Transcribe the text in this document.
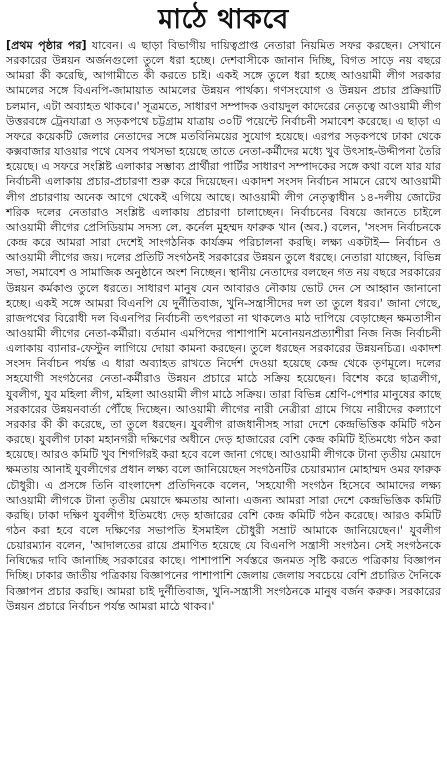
মাঠে থাকবে

[প্রথম পৃষ্ঠার পর] যাবেন। এ ছাড়া বিভাগীয় দায়িত্বপ্রাপ্ত নেতারা নিয়মিত সফর করছেন। সেখানে সরকারের উন্নয়ন অর্জনগুলো তুলে ধরা হচ্ছে। দেশবাসীকে জানান দিচ্ছি, বিগত সাড়ে নয় বছরে আমরা কী করেছি, আগামীতে কী করতে চাই। একই সঙ্গে তুলে ধরা হচ্ছে আওয়ামী লীগ সরকার আমলের সঙ্গে বিএনপি-জামায়াত আমলের উন্নয়ন পার্থক্য। গণসংযোগ ও উন্নয়ন প্রচার প্রক্রিয়াটি চলমান, এটা অব্যাহত থাকবে।' সূত্রমতে, সাধারণ সম্পাদক ওবায়দুল কাদেরের নেতৃত্বে আওয়ামী লীগ উত্তরবঙ্গে ট্রেনযাত্রা ও সড়কপথে চট্টগ্রাম যাত্রায় ৩০টি পয়েন্টে নির্বাচনী সমাবেশ করেছে। এ ছাড়া এ সফরে কয়েকটি জেলার নেতাদের সঙ্গে মতবিনিময়ের সুযোগ হয়েছে। এরপর সড়কপথে ঢাকা থেকে কক্সবাজার যাওয়ার পথে যেসব পথসভা হয়েছে তাতে নেতা-কর্মীদের মধ্যে খুব উৎসাহ-উদ্দীপনা তৈরি হয়েছে। এ সফরে সংশ্লিষ্ট এলাকার সম্ভাব্য প্রার্থীরা পার্টির সাধারণ সম্পাদকের সঙ্গে কথা বলে যার যার নির্বাচনী এলাকায় প্রচার-প্রচারণা শুরু করে দিয়েছেন। একাদশ সংসদ নির্বাচন সামনে রেখে আওয়ামী লীগ প্রচারণায় অনেক আগে থেকেই এগিয়ে আছে। আওয়ামী লীগ নেতৃত্বাধীন ১৪-দলীয় জোটের শরিক দলের নেতারাও সংশ্লিষ্ট এলাকায় প্রচারণা চালাচ্ছেন। নির্বাচনের বিষয়ে জানতে চাইলে আওয়ামী লীগের প্রেসিডিয়াম সদস্য লে. কর্নেল মুহম্মদ ফারুক খান (অব.) বলেন, 'সংসদ নির্বাচনকে কেন্দ্র করে আমরা সারা দেশেই সাংগঠনিক কার্যক্রম পরিচালনা করছি। লক্ষ্য একটাই— নির্বাচন ও আওয়ামী লীগের জয়। দলের প্রতিটি সংগঠনই সরকারের উন্নয়ন তুলে ধরছে। নেতারা যাচ্ছেন, বিভিন্ন সভা, সমাবেশ ও সামাজিক অনুষ্ঠানে অংশ নিচ্ছেন। স্থানীয় নেতাদের বলছেন গত নয় বছরে সরকারের উন্নয়ন কর্মকাণ্ড তুলে ধরতে। সাধারণ মানুষ যেন আবারও নৌকায় ভোট দেন সে আহ্বান জানানো হচ্ছে। একই সঙ্গে আমরা বিএনপি যে দুর্নীতিবাজ, খুনি-সন্ত্রাসীদের দল তা তুলে ধরব।' জানা গেছে, রাজপথের বিরোধী দল বিএনপির নির্বাচনী তৎপরতা না থাকলেও মাঠ দাপিয়ে বেড়াচ্ছেন ক্ষমতাসীন আওয়ামী লীগের নেতা-কর্মীরা। বর্তমান এমপিদের পাশাপাশি মনোনয়নপ্রত্যাশীরা নিজ নিজ নির্বাচনী এলাকায় ব্যানার-ফেস্টুন লাগিয়ে দোয়া কামনা করছেন। তুলে ধরছেন সরকারের উন্নয়নচিত্র। একাদশ সংসদ নির্বাচন পর্যন্ত এ ধারা অব্যাহত রাখতে নির্দেশ দেওয়া হয়েছে কেন্দ্র থেকে তৃণমূলে। দলের সহযোগী সংগঠনের নেতা-কর্মীরাও উন্নয়ন প্রচারে মাঠে সক্রিয় হয়েছেন। বিশেষ করে ছাত্রলীগ, যুবলীগ, যুব মহিলা লীগ, মহিলা আওয়ামী লীগ মাঠে সক্রিয়। তারা বিভিন্ন শ্রেণি-পেশার মানুষের কাছে সরকারের উন্নয়নবার্তা পৌঁছে দিচ্ছেন। আওয়ামী লীগের নারী নেত্রীরা গ্রামে গিয়ে নারীদের কল্যাণে সরকার কী কী করেছে, তা তুলে ধরছেন। যুবলীগ রাজধানীসহ সারা দেশে কেন্দ্রভিত্তিক কমিটি গঠন করছে। যুবলীগ ঢাকা মহানগরী দক্ষিণের অধীনে দেড় হাজারের বেশি কেন্দ্র কমিটি ইতিমধ্যে গঠন করা হয়েছে। আরও কমিটি খুব শিগগিরই করা হবে বলে জানা গেছে। আওয়ামী লীগকে টানা তৃতীয় মেয়াদে ক্ষমতায় আনাই যুবলীগের প্রধান লক্ষ্য বলে জানিয়েছেন সংগঠনটির চেয়ারম্যান মোহাম্মদ ওমর ফারুক চৌধুরী। এ প্রসঙ্গে তিনি বাংলাদেশ প্রতিদিনকে বলেন, 'সহযোগী সংগঠন হিসেবে আমাদের লক্ষ্য আওয়ামী লীগকে টানা তৃতীয় মেয়াদে ক্ষমতায় আনা। এজন্য আমরা সারা দেশে কেন্দ্রভিত্তিক কমিটি করছি। ঢাকা দক্ষিণ যুবলীগ ইতিমধ্যে দেড় হাজারের বেশি কেন্দ্র কমিটি গঠন করেছে। আরও কমিটি গঠন করা হবে বলে দক্ষিণের সভাপতি ইসমাইল চৌধুরী সম্রাট আমাকে জানিয়েছেন।' যুবলীগ চেয়ারম্যান বলেন, 'আদালতের রায়ে প্রমাণিত হয়েছে যে বিএনপি সন্ত্রাসী সংগঠন। সেই সংগঠনকে নিষিদ্ধের দাবি জানাচ্ছি সরকারের কাছে। পাশাপাশি সর্বস্তরে জনমত সৃষ্টি করতে পত্রিকায় বিজ্ঞাপন দিচ্ছি। ঢাকার জাতীয় পত্রিকায় বিজ্ঞাপনের পাশাপাশি জেলায় জেলায় সবচেয়ে বেশি প্রচারিত দৈনিকে বিজ্ঞাপন প্রচার করছি। আমরা চাই দুর্নীতিবাজ, খুনি-সন্ত্রাসী সংগঠনকে মানুষ বর্জন করুক। সরকারের উন্নয়ন প্রচারে নির্বাচন পর্যন্ত আমরা মাঠে থাকব।'
